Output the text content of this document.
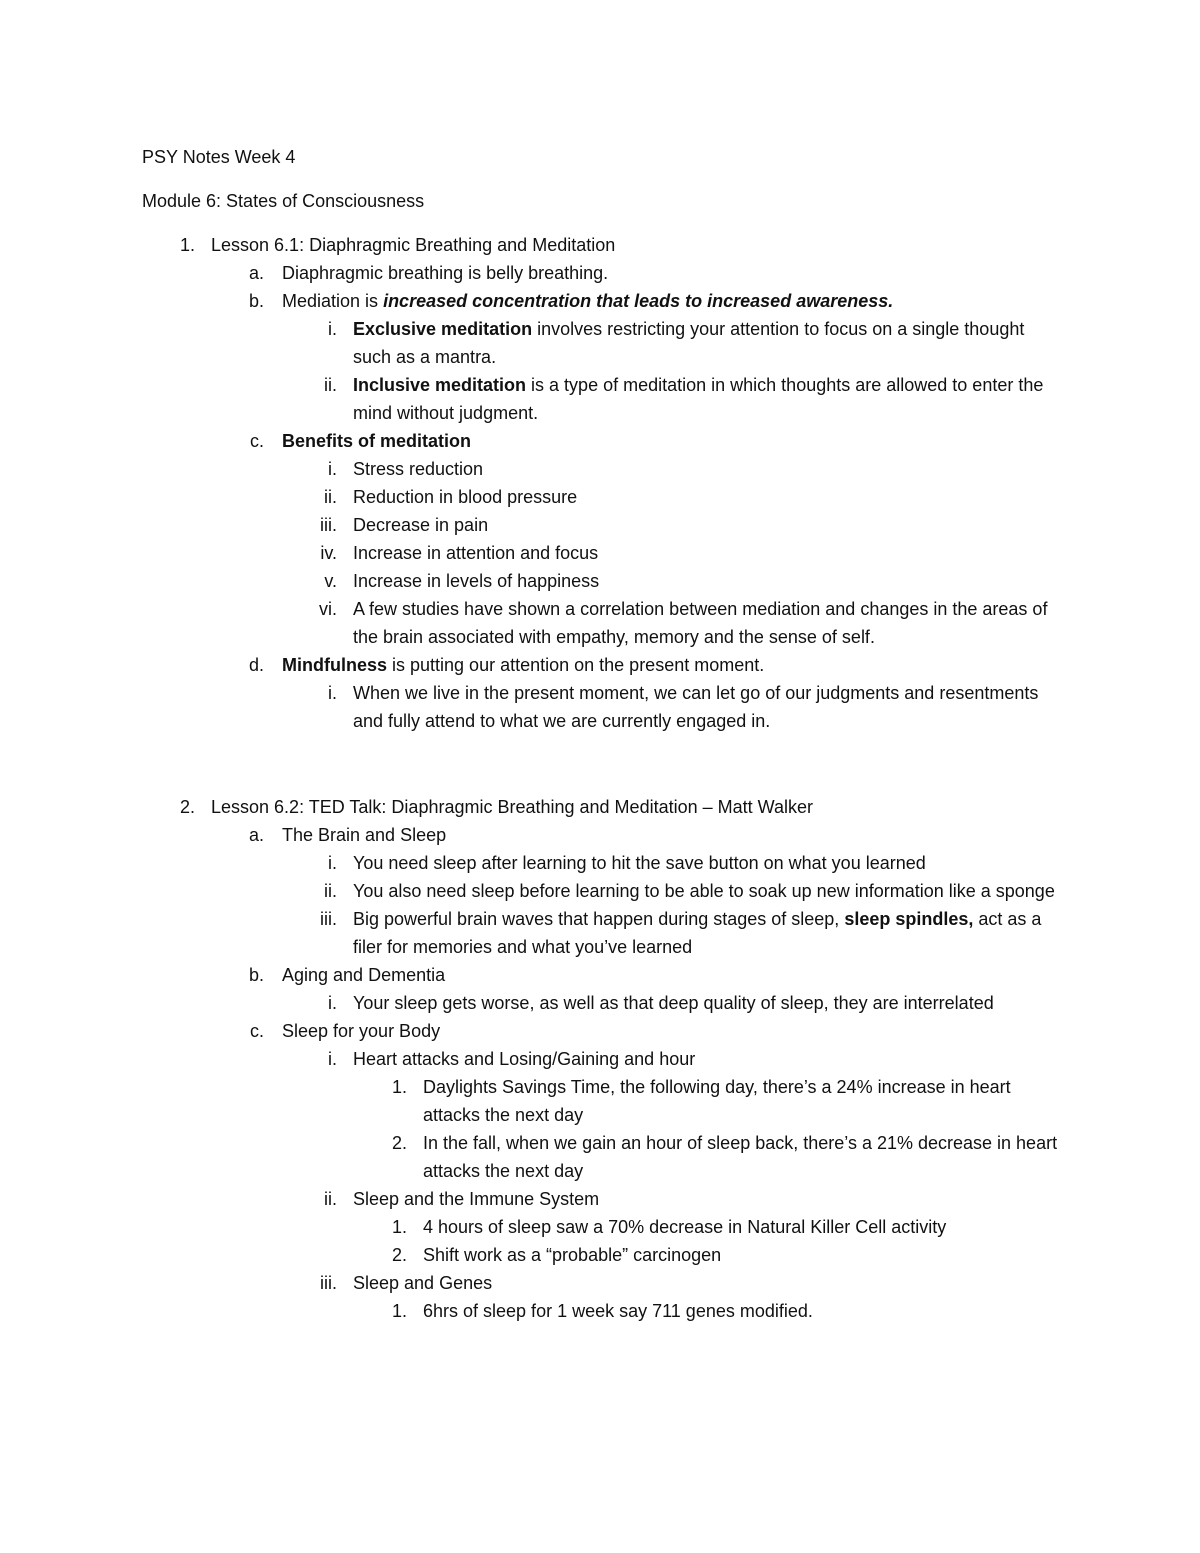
PSY Notes Week 4
Module 6: States of Consciousness
1. Lesson 6.1: Diaphragmic Breathing and Meditation
a. Diaphragmic breathing is belly breathing.
b. Mediation is increased concentration that leads to increased awareness.
i. Exclusive meditation involves restricting your attention to focus on a single thought such as a mantra.
ii. Inclusive meditation is a type of meditation in which thoughts are allowed to enter the mind without judgment.
c. Benefits of meditation
i. Stress reduction
ii. Reduction in blood pressure
iii. Decrease in pain
iv. Increase in attention and focus
v. Increase in levels of happiness
vi. A few studies have shown a correlation between mediation and changes in the areas of the brain associated with empathy, memory and the sense of self.
d. Mindfulness is putting our attention on the present moment.
i. When we live in the present moment, we can let go of our judgments and resentments and fully attend to what we are currently engaged in.
2. Lesson 6.2: TED Talk: Diaphragmic Breathing and Meditation – Matt Walker
a. The Brain and Sleep
i. You need sleep after learning to hit the save button on what you learned
ii. You also need sleep before learning to be able to soak up new information like a sponge
iii. Big powerful brain waves that happen during stages of sleep, sleep spindles, act as a filer for memories and what you’ve learned
b. Aging and Dementia
i. Your sleep gets worse, as well as that deep quality of sleep, they are interrelated
c. Sleep for your Body
i. Heart attacks and Losing/Gaining and hour
1. Daylights Savings Time, the following day, there’s a 24% increase in heart attacks the next day
2. In the fall, when we gain an hour of sleep back, there’s a 21% decrease in heart attacks the next day
ii. Sleep and the Immune System
1. 4 hours of sleep saw a 70% decrease in Natural Killer Cell activity
2. Shift work as a “probable” carcinogen
iii. Sleep and Genes
1. 6hrs of sleep for 1 week say 711 genes modified.
